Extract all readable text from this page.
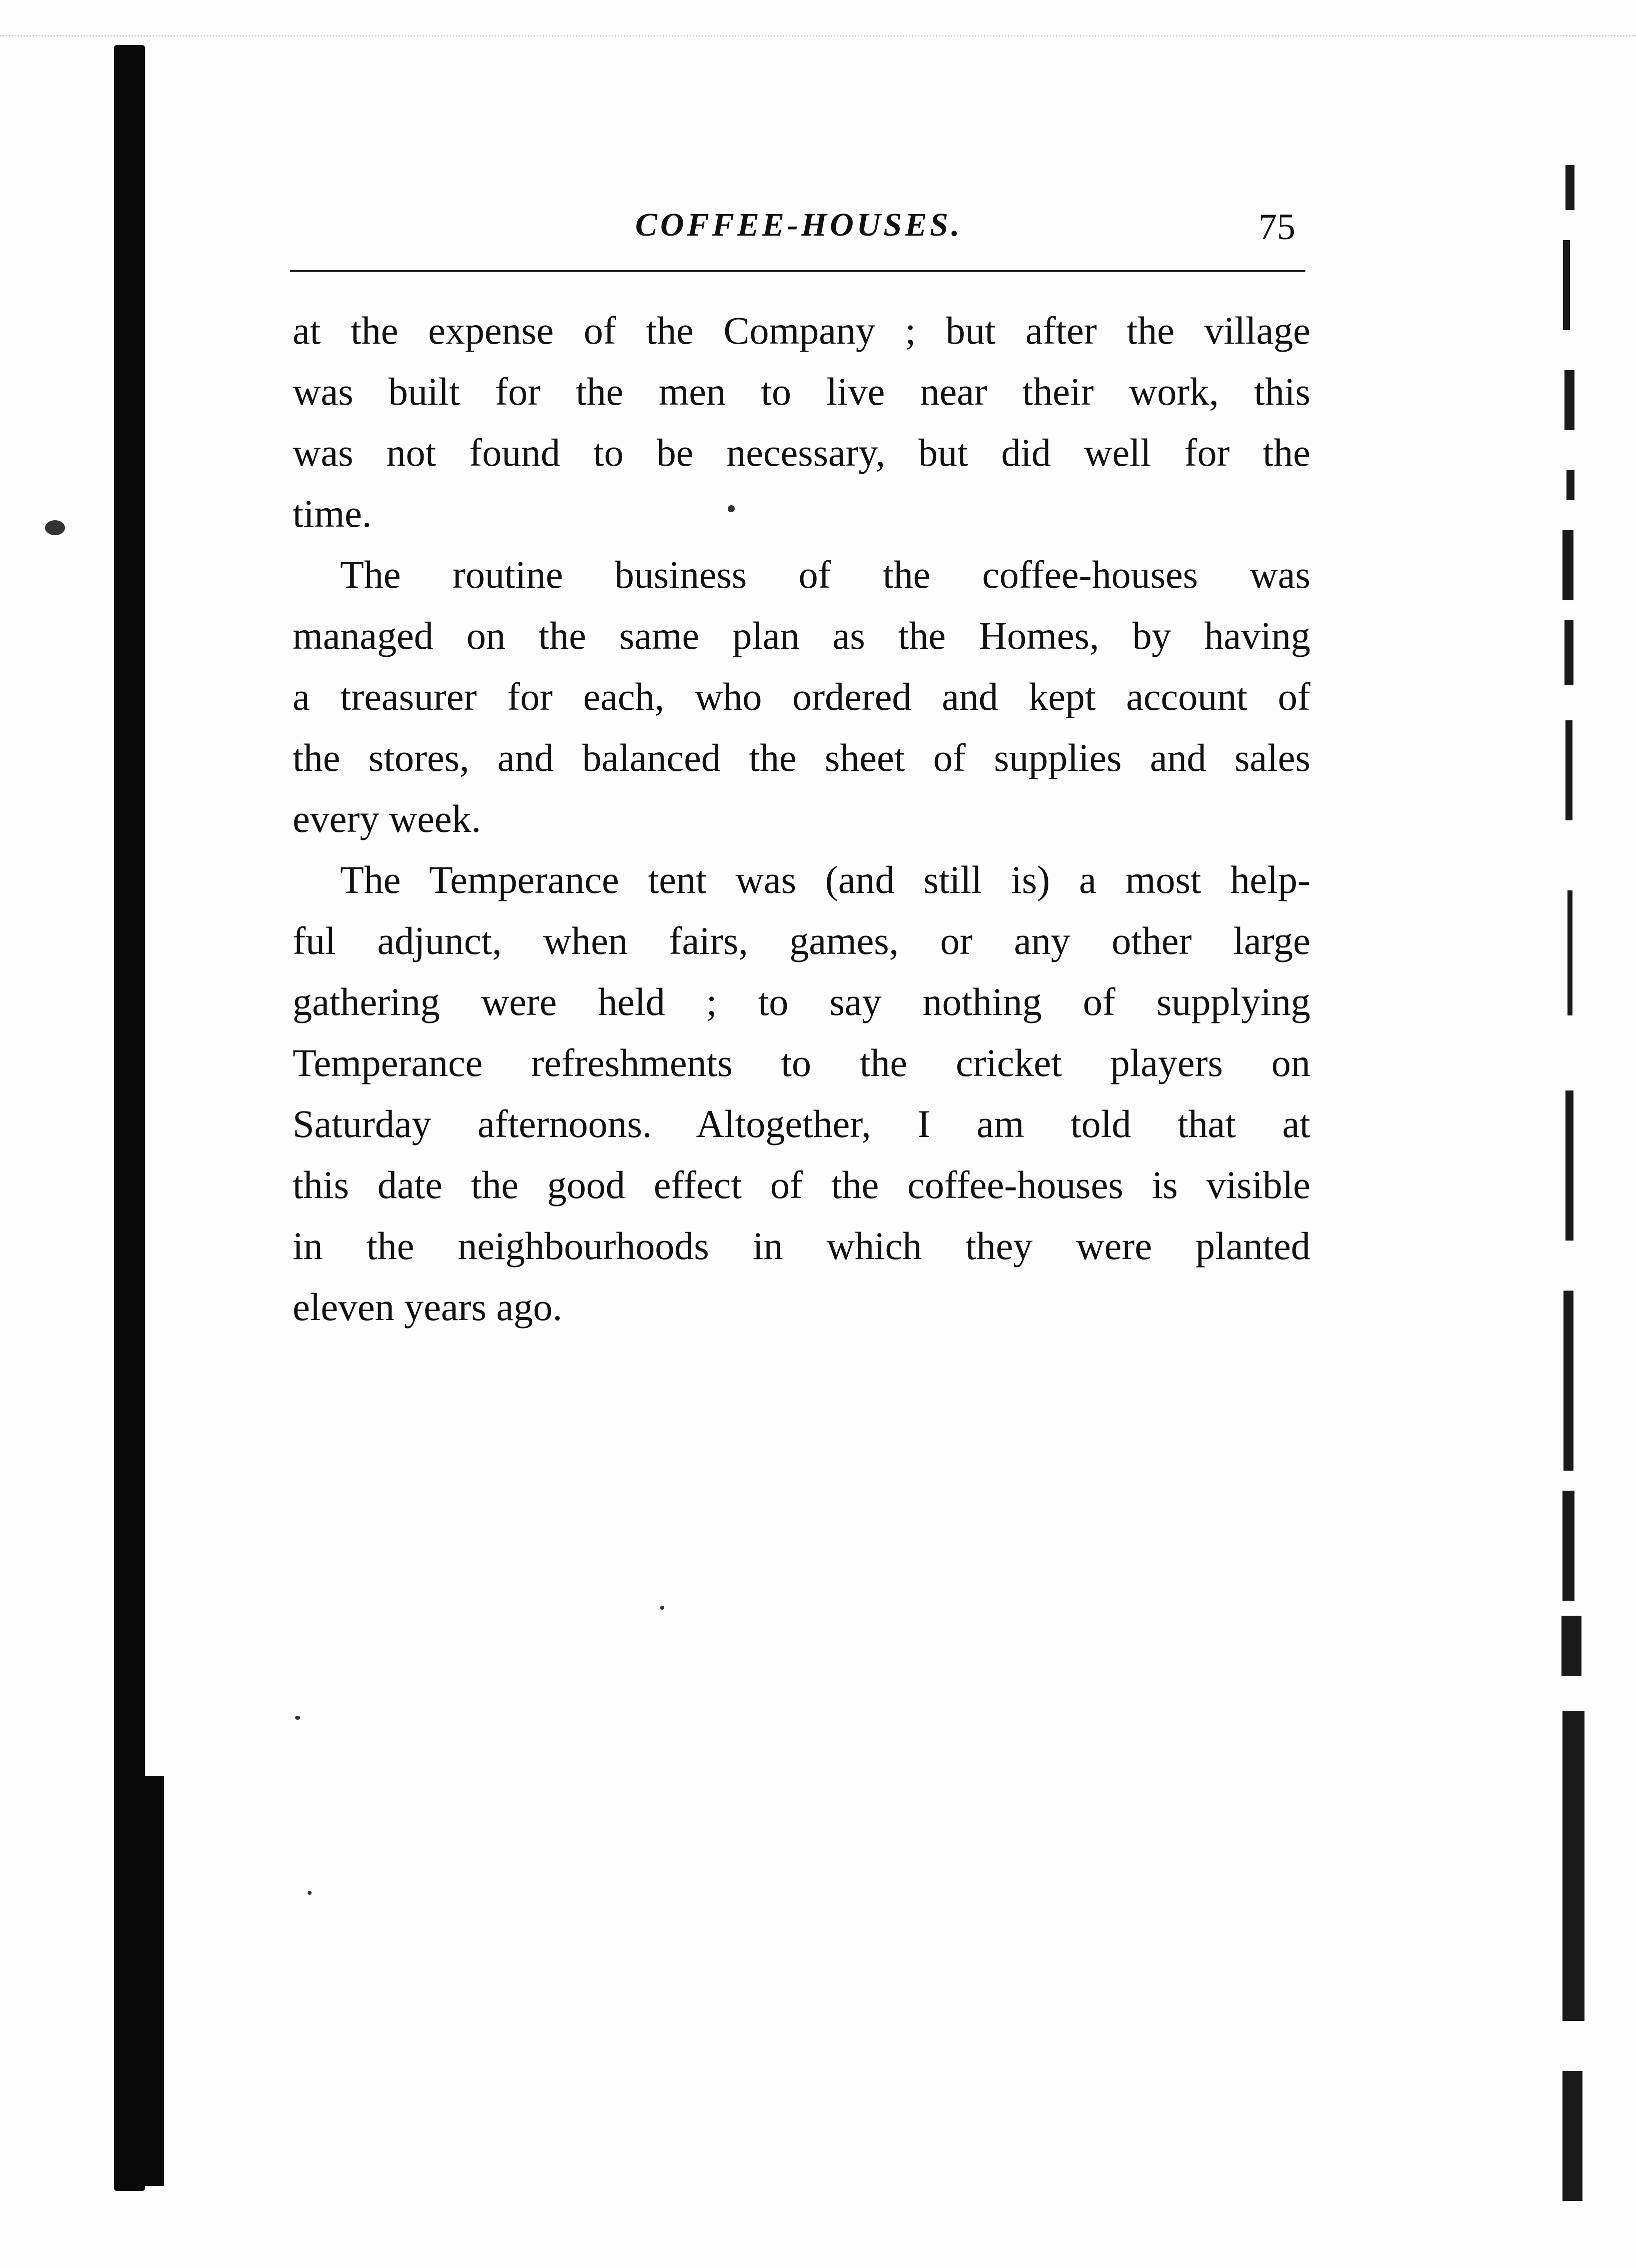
COFFEE-HOUSES.	75

at the expense of the Company ; but after the village
was built for the men to live near their work, this
was not found to be necessary, but did well for the
time.

The routine business of the coffee-houses was
managed on the same plan as the Homes, by having
a treasurer for each, who ordered and kept account of
the stores, and balanced the sheet of supplies and sales
every week.

The Temperance tent was (and still is) a most help-
ful adjunct, when fairs, games, or any other large
gathering were held ; to say nothing of supplying
Temperance refreshments to the cricket players on
Saturday afternoons. Altogether, I am told that at
this date the good effect of the coffee-houses is visible
in the neighbourhoods in which they were planted
eleven years ago.
